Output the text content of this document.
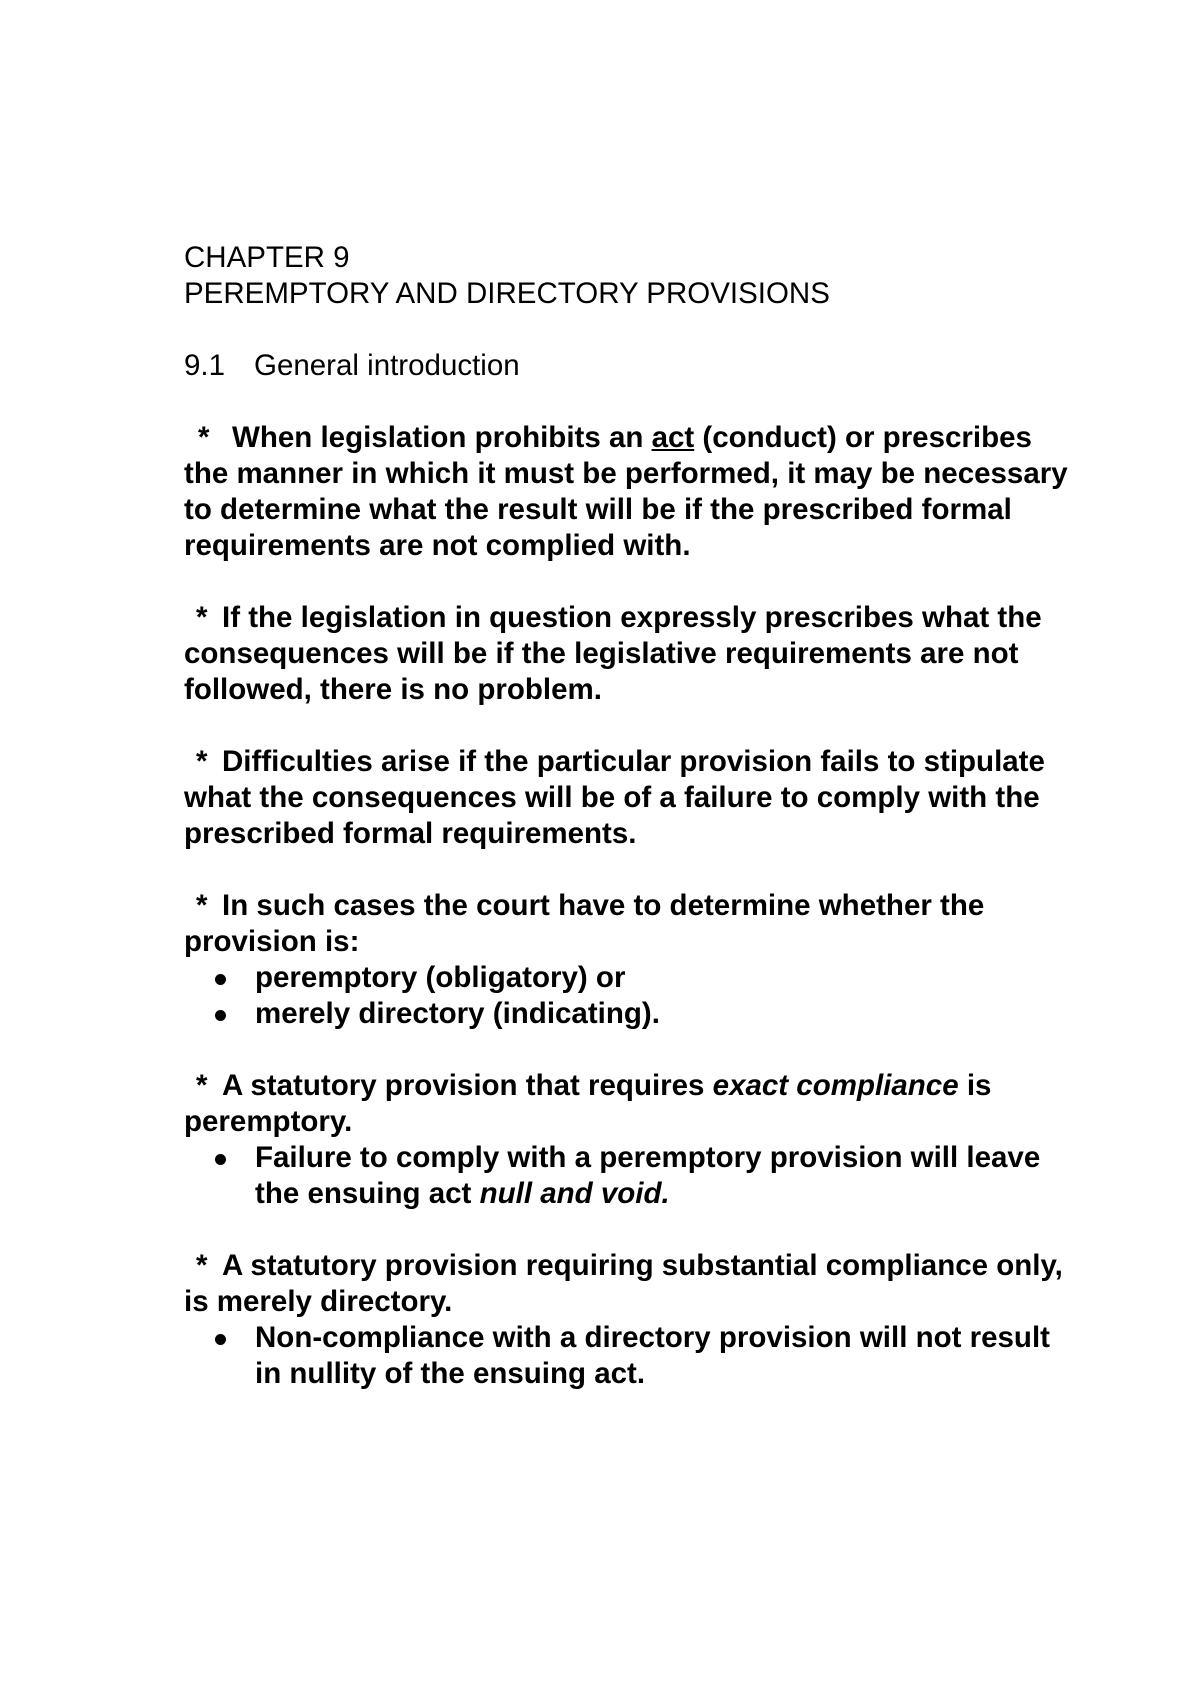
CHAPTER 9
PEREMPTORY AND DIRECTORY PROVISIONS
9.1 General introduction
* When legislation prohibits an act (conduct) or prescribes the manner in which it must be performed, it may be necessary to determine what the result will be if the prescribed formal requirements are not complied with.
* If the legislation in question expressly prescribes what the consequences will be if the legislative requirements are not followed, there is no problem.
* Difficulties arise if the particular provision fails to stipulate what the consequences will be of a failure to comply with the prescribed formal requirements.
* In such cases the court have to determine whether the provision is:
peremptory (obligatory) or
merely directory (indicating).
* A statutory provision that requires exact compliance is peremptory.
Failure to comply with a peremptory provision will leave the ensuing act null and void.
* A statutory provision requiring substantial compliance only, is merely directory.
Non-compliance with a directory provision will not result in nullity of the ensuing act.
